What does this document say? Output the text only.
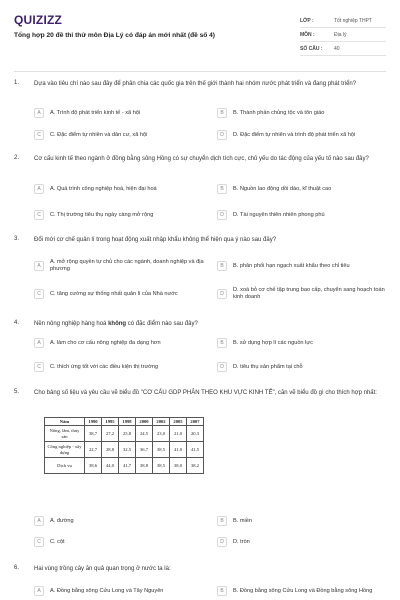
QUIZIZZ
Tổng hợp 20 đề thi thử môn Địa Lý có đáp án mới nhất (đề số 4)
LỚP :	Tốt nghiệp THPT
MÔN :	Địa lý
SỐ CÂU :	40
1. Dựa vào tiêu chí nào sau đây để phân chia các quốc gia trên thế giới thành hai nhóm nước phát triển và đang phát triển?
A	A. Trình độ phát triển kinh tế - xã hội	B	B. Thành phần chủng tộc và tôn giáo
C	C. Đặc điểm tự nhiên và dân cư, xã hội	D	D. Đặc điểm tự nhiên và trình độ phát triển xã hội
2. Cơ cấu kinh tế theo ngành ở đồng bằng sông Hồng có sự chuyển dịch tích cực, chủ yếu do tác động của yếu tố nào sau đây?
A	A. Quá trình công nghiệp hoá, hiện đại hoá	B	B. Nguồn lao động dồi dào, kĩ thuật cao
C	C. Thị trường tiêu thụ ngày càng mở rộng	D	D. Tài nguyên thiên nhiên phong phú
3. Đổi mới cơ chế quản lí trong hoạt động xuất nhập khẩu không thể hiện qua ý nào sau đây?
A
A. mở rộng quyền tự chủ cho các ngành, doanh nghiệp và địa phương	B	B. phân phối hạn ngạch xuất khẩu theo chỉ tiêu
C	C. tăng cường sự thống nhất quản lí của Nhà nước	D
D. xoá bỏ cơ chế tập trung bao cấp, chuyển sang hoạch toán kinh doanh
4. Nền nông nghiệp hàng hoá không có đặc điểm nào sau đây?
A	A. làm cho cơ cấu nông nghiệp đa dạng hơn	B	B. sử dụng hợp lí các nguồn lực
C	C. thích ứng tốt với các điều kiện thị trường	D	D. tiêu thụ sản phẩm tại chỗ
5. Cho bảng số liệu và yêu cầu vẽ biểu đồ "CƠ CẤU GDP PHÂN THEO KHU VỰC KINH TẾ", căn vẽ biểu đồ gì cho thích hợp nhất:
A	A. đường	B	B. miền
C	C. cột	D	D. tròn
Năm	1990	1995	1998	2000	2002	2005	2007
Nông, lâm, thủy sản	38,7	27,2	25,8	24,5	23,0	21,0	20,3
Công nghiệp - xây dựng	22,7	28,8	32,5	36,7	38,5	41,0	41,5
Dịch vụ	38,6	44,0	41,7	38,8	38,5	38,0	38,2
6. Hai vùng trồng cây ăn quả quan trọng ở nước ta là:
A	A. Đồng bằng sông Cửu Long và Tây Nguyên	B	B. Đồng bằng sông Cửu Long và Đồng bằng sông Hồng
